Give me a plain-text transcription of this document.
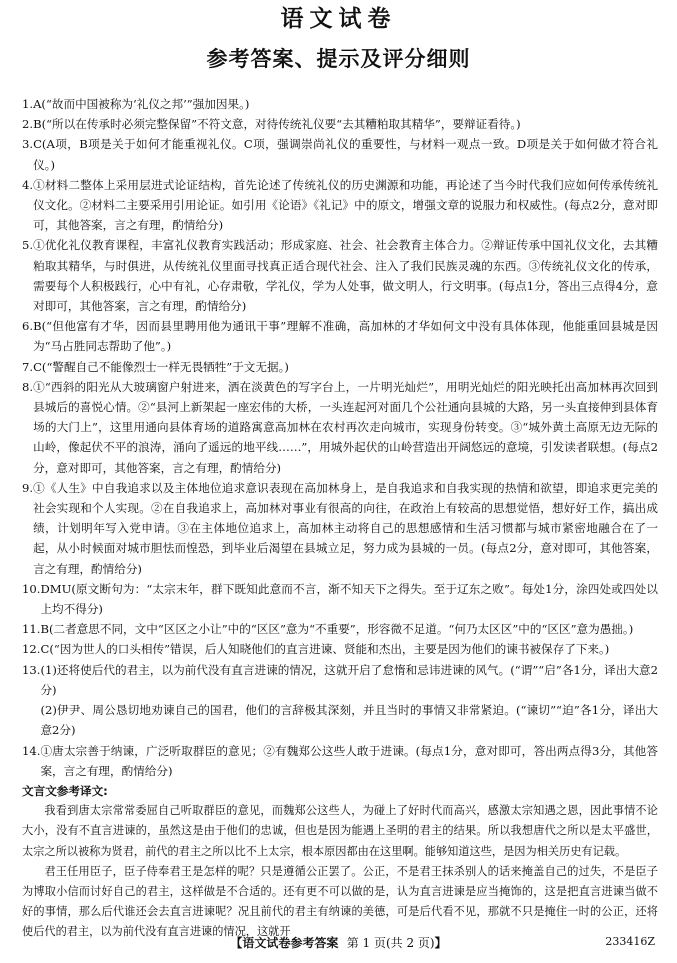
语文试卷
参考答案、提示及评分细则
1. A(“故而中国被称为‘礼仪之邦’”强加因果。)
2. B(“所以在传承时必须完整保留”不符文意，对待传统礼仪要“去其糟粕取其精华”，要辩证看待。)
3. C(A项，B项是关于如何才能重视礼仪。C项，强调崇尚礼仪的重要性，与材料一观点一致。D项是关于如何做才符合礼仪。)
4. ①材料二整体上采用层进式论证结构，首先论述了传统礼仪的历史渊源和功能，再论述了当今时代我们应如何传承传统礼仪文化。②材料二主要采用引用论证。如引用《论语》《礼记》中的原文，增强文章的说服力和权威性。(每点2分，意对即可，其他答案，言之有理，酌情给分)
5. ①优化礼仪教育课程，丰富礼仪教育实践活动；形成家庭、社会、社会教育主体合力。②辩证传承中国礼仪文化，去其糟粕取其精华，与时俱进，从传统礼仪里面寻找真正适合现代社会、注入了我们民族灵魂的东西。③传统礼仪文化的传承，需要每个人积极践行，心中有礼，心存肃敬，学礼仪，学为人处事，做文明人，行文明事。(每点1分，答出三点得4分，意对即可，其他答案，言之有理，酌情给分)
6. B(“但他富有才华，因而县里聘用他为通讯干事”理解不准确，高加林的才华如何文中没有具体体现，他能重回县城是因为“马占胜同志帮助了他”。)
7. C(“警醒自己不能像烈士一样无畏牺牲”于文无据。)
8. ①“西斜的阳光从大玻璃窗户射进来，洒在淡黄色的写字台上，一片明光灿烂”，用明光灿烂的阳光映托出高加林再次回到县城后的喜悦心情。②“县河上新架起一座宏伟的大桥，一头连起河对面几个公社通向县城的大路，另一头直接伸到县体育场的大门上”，这里用通向县体育场的道路寓意高加林在农村再次走向城市，实现身份转变。③“城外黄土高原无边无际的山岭，像起伏不平的浪涛，涌向了遥远的地平线……”，用城外起伏的山岭营造出开阔悠远的意境，引发读者联想。(每点2分，意对即可，其他答案，言之有理，酌情给分)
9. ①《人生》中自我追求以及主体地位追求意识表现在高加林身上，是自我追求和自我实现的热情和欲望，即追求更完美的社会实现和个人实现。②在自我追求上，高加林对事业有很高的向往，在政治上有较高的思想觉悟，想好好工作，搞出成绩，计划明年写入党申请。③在主体地位追求上，高加林主动将自己的思想感情和生活习惯都与城市紧密地融合在了一起，从小时候面对城市胆怯而惶恐，到毕业后渴望在县城立足，努力成为县城的一员。(每点2分，意对即可，其他答案，言之有理，酌情给分)
10. DMU(原文断句为：“太宗末年，群下既知此意而不言，渐不知天下之得失。至于辽东之败”。每处1分，涂四处或四处以上均不得分)
11. B(二者意思不同，文中“区区之小让”中的“区区”意为“不重要”，形容微不足道。“何乃太区区”中的“区区”意为愚拙。)
12. C(“因为世人的口头相传”错误，后人知晓他们的直言进谏、贤能和杰出，主要是因为他们的谏书被保存了下来。)
13. (1)还将使后代的君主，以为前代没有直言进谏的情况，这就开启了怠惰和忌讳进谏的风气。(“谓”“启”各1分，译出大意2分)
(2)伊尹、周公恳切地劝谏自己的国君，他们的言辞极其深刻，并且当时的事情又非常紧迫。(“谏切”“迫”各1分，译出大意2分)
14. ①唐太宗善于纳谏，广泛听取群臣的意见；②有魏郑公这些人敢于进谏。(每点1分，意对即可，答出两点得3分，其他答案，言之有理，酌情给分)
文言文参考译文:
我看到唐太宗常常委屈自己听取群臣的意见，而魏郑公这些人，为碰上了好时代而高兴，感激太宗知遇之恩，因此事情不论大小，没有不直言进谏的，虽然这是由于他们的忠诚，但也是因为能遇上圣明的君主的结果。所以我想唐代之所以是太平盛世，太宗之所以被称为贤君，前代的君主之所以比不上太宗，根本原因都由在这里啊。能够知道这些，是因为相关历史有记载。
君王任用臣子，臣子侍奉君王是怎样的呢？只是遵循公正罢了。公正，不是君王抹杀别人的话来掩盖自己的过失，不是臣子为博取小信而讨好自己的君主，这样做是不合适的。还有更不可以做的是，认为直言进谏是应当掩饰的，这是把直言进谏当做不好的事情，那么后代谁还会去直言进谏呢？况且前代的君主有纳谏的美德，可是后代看不见，那就不只是掩住一时的公正，还将使后代的君主，以为前代没有直言进谏的情况，这就开
【语文试卷参考答案 第 1 页(共 2 页)】	233416Z
